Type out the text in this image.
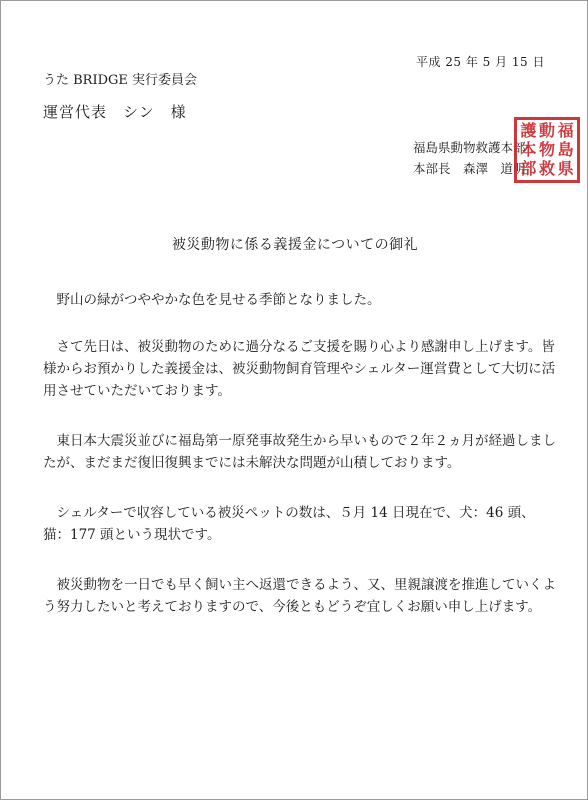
平成 25 年 5 月 15 日
うた BRIDGE 実行委員会
運営代表　シン　様
福島県動物救護本部
本部長　森澤　道明
福
島
県
動
物
救
護
本
部
被災動物に係る義援金についての御礼

野山の緑がつややかな色を見せる季節となりました。

さて先日は、被災動物のために過分なるご支援を賜り心より感謝申し上げます。皆様からお預かりした義援金は、被災動物飼育管理やシェルター運営費として大切に活用させていただいております。

東日本大震災並びに福島第一原発事故発生から早いもので２年２ヵ月が経過しましたが、まだまだ復旧復興までには未解決な問題が山積しております。

シェルターで収容している被災ペットの数は、５月 14 日現在で、犬：46 頭、猫：177 頭という現状です。

被災動物を一日でも早く飼い主へ返還できるよう、又、里親譲渡を推進していくよう努力したいと考えておりますので、今後ともどうぞ宜しくお願い申し上げます。
